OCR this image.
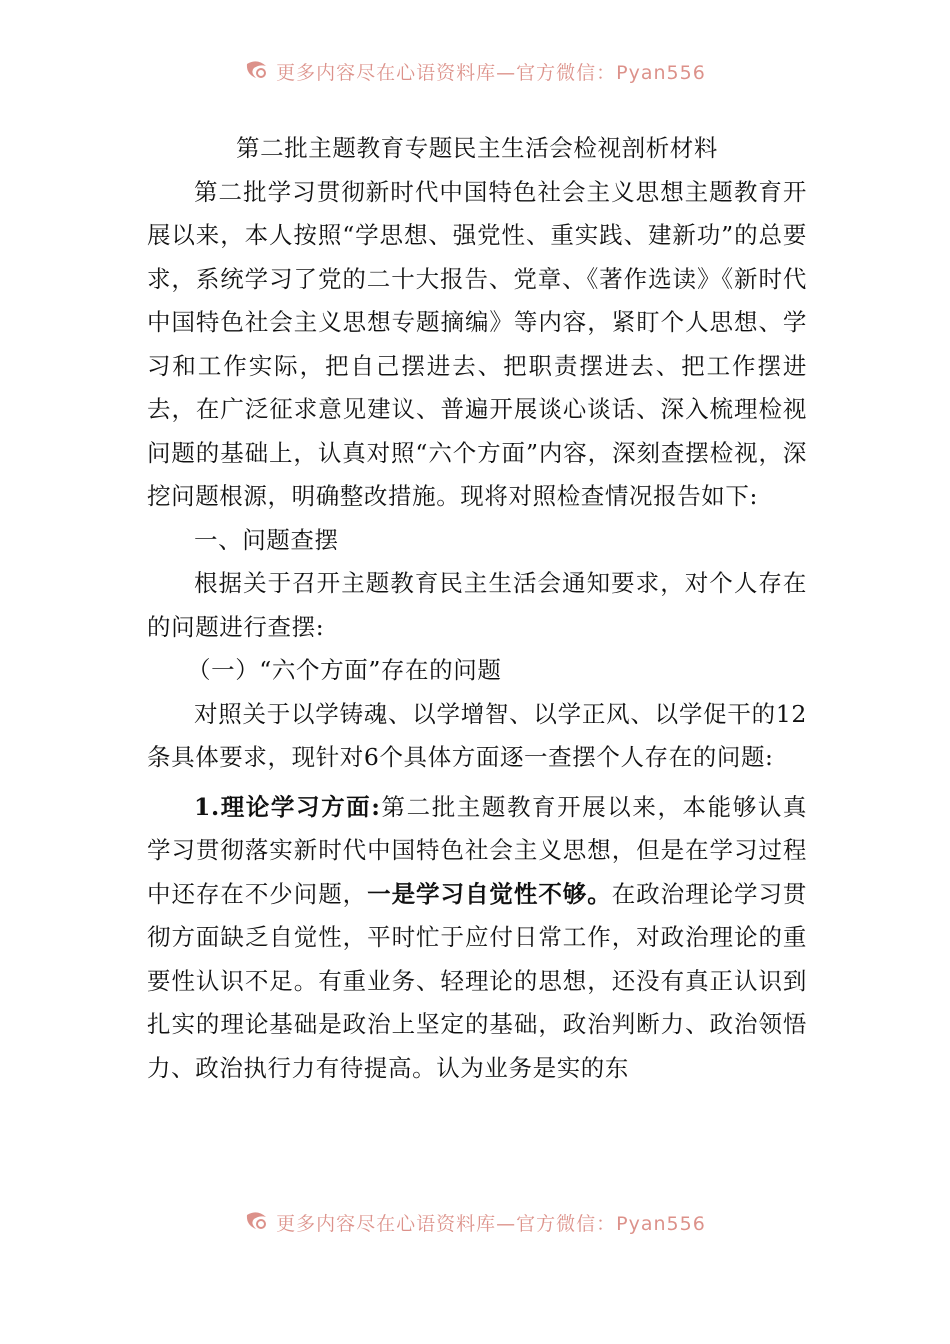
更多内容尽在心语资料库—官方微信：Pyan556

第二批主题教育专题民主生活会检视剖析材料

第二批学习贯彻新时代中国特色社会主义思想主题教育开展以来，本人按照“学思想、强党性、重实践、建新功”的总要求，系统学习了党的二十大报告、党章、《著作选读》《新时代中国特色社会主义思想专题摘编》等内容，紧盯个人思想、学习和工作实际，把自己摆进去、把职责摆进去、把工作摆进去，在广泛征求意见建议、普遍开展谈心谈话、深入梳理检视问题的基础上，认真对照“六个方面”内容，深刻查摆检视，深挖问题根源，明确整改措施。现将对照检查情况报告如下:

一、问题查摆

根据关于召开主题教育民主生活会通知要求，对个人存在的问题进行查摆:

（一）“六个方面”存在的问题

对照关于以学铸魂、以学增智、以学正风、以学促干的12条具体要求，现针对6个具体方面逐一查摆个人存在的问题:

1.理论学习方面:第二批主题教育开展以来，本能够认真学习贯彻落实新时代中国特色社会主义思想，但是在学习过程中还存在不少问题，一是学习自觉性不够。在政治理论学习贯彻方面缺乏自觉性，平时忙于应付日常工作，对政治理论的重要性认识不足。有重业务、轻理论的思想，还没有真正认识到扎实的理论基础是政治上坚定的基础，政治判断力、政治领悟力、政治执行力有待提高。认为业务是实的东

更多内容尽在心语资料库—官方微信：Pyan556
